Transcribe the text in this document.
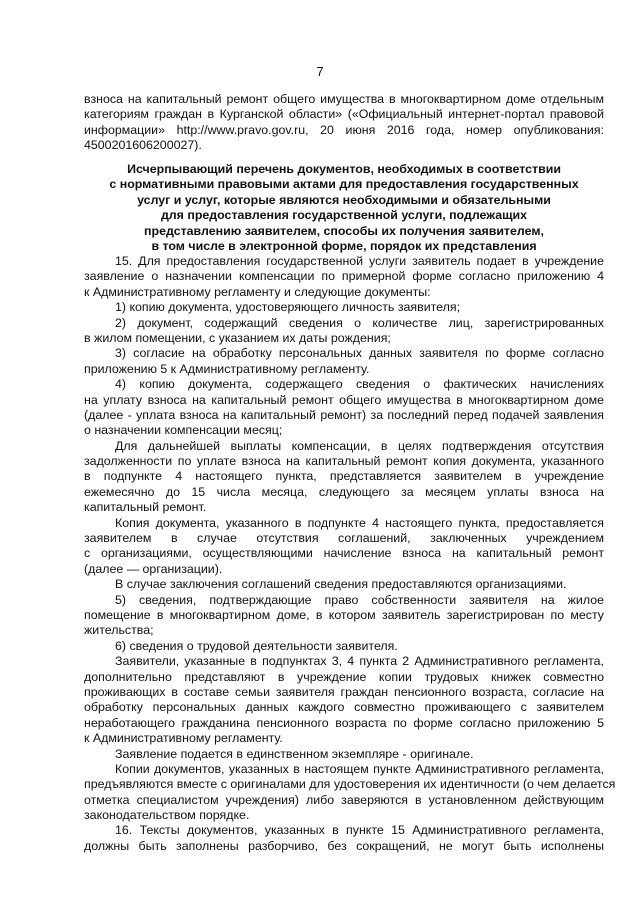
7
взноса на капитальный ремонт общего имущества в многоквартирном доме отдельным
категориям граждан в Курганской области» («Официальный интернет-портал правовой
информации» http://www.pravo.gov.ru, 20 июня 2016 года, номер опубликования:
4500201606200027).
Исчерпывающий перечень документов, необходимых в соответствии
с нормативными правовыми актами для предоставления государственных
услуг и услуг, которые являются необходимыми и обязательными
для предоставления государственной услуги, подлежащих
представлению заявителем, способы их получения заявителем,
в том числе в электронной форме, порядок их представления
15. Для предоставления государственной услуги заявитель подает в учреждение
заявление о назначении компенсации по примерной форме согласно приложению 4
к Административному регламенту и следующие документы:
1) копию документа, удостоверяющего личность заявителя;
2) документ, содержащий сведения о количестве лиц, зарегистрированных
в жилом помещении, с указанием их даты рождения;
3) согласие на обработку персональных данных заявителя по форме согласно
приложению 5 к Административному регламенту.
4) копию документа, содержащего сведения о фактических начислениях
на уплату взноса на капитальный ремонт общего имущества в многоквартирном доме
(далее - уплата взноса на капитальный ремонт) за последний перед подачей заявления
о назначении компенсации месяц;
Для дальнейшей выплаты компенсации, в целях подтверждения отсутствия
задолженности по уплате взноса на капитальный ремонт копия документа, указанного
в подпункте 4 настоящего пункта, представляется заявителем в учреждение
ежемесячно до 15 числа месяца, следующего за месяцем уплаты взноса на
капитальный ремонт.
Копия документа, указанного в подпункте 4 настоящего пункта, предоставляется
заявителем в случае отсутствия соглашений, заключенных учреждением
с организациями, осуществляющими начисление взноса на капитальный ремонт
(далее — организации).
В случае заключения соглашений сведения предоставляются организациями.
5) сведения, подтверждающие право собственности заявителя на жилое
помещение в многоквартирном доме, в котором заявитель зарегистрирован по месту
жительства;
6) сведения о трудовой деятельности заявителя.
Заявители, указанные в подпунктах 3, 4 пункта 2 Административного регламента,
дополнительно представляют в учреждение копии трудовых книжек совместно
проживающих в составе семьи заявителя граждан пенсионного возраста, согласие на
обработку персональных данных каждого совместно проживающего с заявителем
неработающего гражданина пенсионного возраста по форме согласно приложению 5
к Административному регламенту.
Заявление подается в единственном экземпляре - оригинале.
Копии документов, указанных в настоящем пункте Административного регламента,
предъявляются вместе с оригиналами для удостоверения их идентичности (о чем делается
отметка специалистом учреждения) либо заверяются в установленном действующим
законодательством порядке.
16. Тексты документов, указанных в пункте 15 Административного регламента,
должны быть заполнены разборчиво, без сокращений, не могут быть исполнены
